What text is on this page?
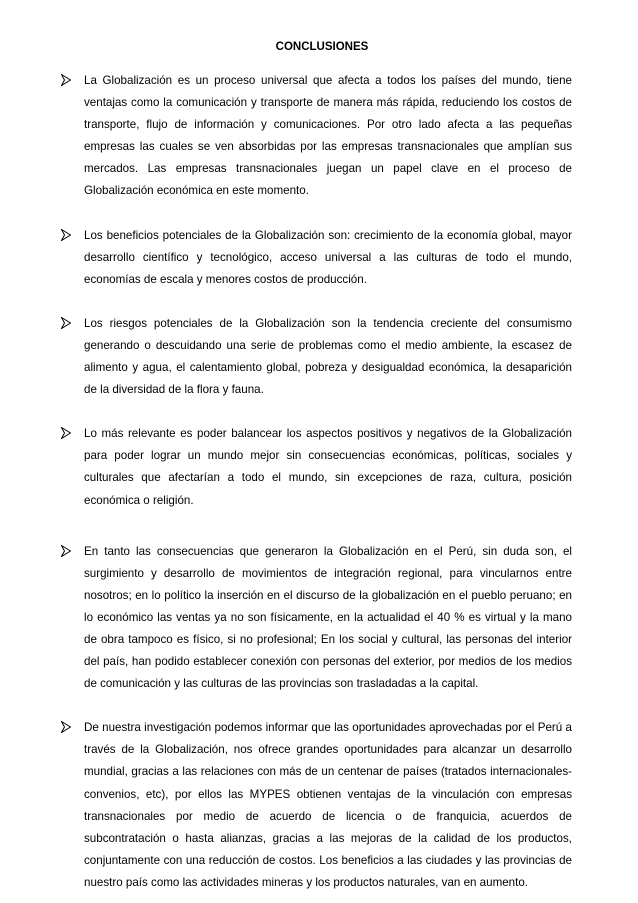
CONCLUSIONES

La Globalización es un proceso universal que afecta a todos los países del mundo, tiene ventajas como la comunicación y transporte de manera más rápida, reduciendo los costos de transporte, flujo de información y comunicaciones. Por otro lado afecta a las pequeñas empresas las cuales se ven absorbidas por las empresas transnacionales que amplían sus mercados. Las empresas transnacionales juegan un papel clave en el proceso de Globalización económica en este momento.

Los beneficios potenciales de la Globalización son: crecimiento de la economía global, mayor desarrollo científico y tecnológico, acceso universal a las culturas de todo el mundo, economías de escala y menores costos de producción.

Los riesgos potenciales de la Globalización son la tendencia creciente del consumismo generando o descuidando una serie de problemas como el medio ambiente, la escasez de alimento y agua, el calentamiento global, pobreza y desigualdad económica, la desaparición de la diversidad de la flora y fauna.

Lo más relevante es poder balancear los aspectos positivos y negativos de la Globalización para poder lograr un mundo mejor sin consecuencias económicas, políticas, sociales y culturales que afectarían a todo el mundo, sin excepciones de raza, cultura, posición económica o religión.

En tanto las consecuencias que generaron la Globalización en el Perú, sin duda son, el surgimiento y desarrollo de movimientos de integración regional, para vincularnos entre nosotros; en lo político la inserción en el discurso de la globalización en el pueblo peruano; en lo económico las ventas ya no son físicamente, en la actualidad el 40 % es virtual y la mano de obra tampoco es físico, si no profesional; En los social y cultural, las personas del interior del país, han podido establecer conexión con personas del exterior, por medios de los medios de comunicación y las culturas de las provincias son trasladadas a la capital.

De nuestra investigación podemos informar que las oportunidades aprovechadas por el Perú a través de la Globalización, nos ofrece grandes oportunidades para alcanzar un desarrollo mundial, gracias a las relaciones con más de un centenar de países (tratados internacionales- convenios, etc), por ellos las MYPES obtienen ventajas de la vinculación con empresas transnacionales por medio de acuerdo de licencia o de franquicia, acuerdos de subcontratación o hasta alianzas, gracias a las mejoras de la calidad de los productos, conjuntamente con una reducción de costos. Los beneficios a las ciudades y las provincias de nuestro país como las actividades mineras y los productos naturales, van en aumento.
